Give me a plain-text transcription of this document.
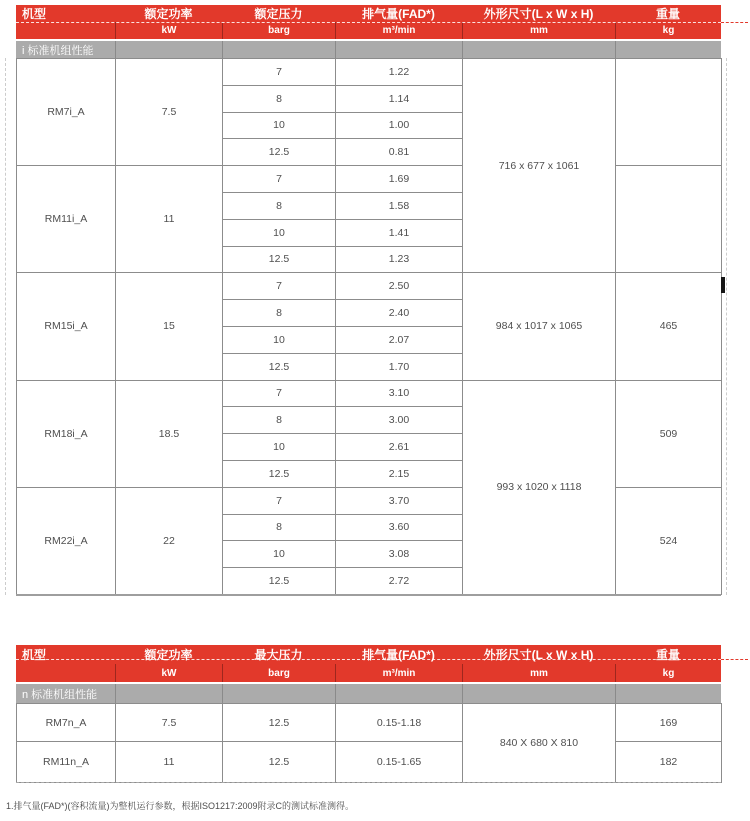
机型	额定功率	额定压力	排气量(FAD*)	外形尺寸(L x W x H)	重量
kW	barg	m³/min	mm	kg
i 标准机组性能
RM7i_A	7.5	7	1.22	716 x 677 x 1061	
		8	1.14		
		10	1.00		
		12.5	0.81		
RM11i_A	11	7	1.69		
		8	1.58		
		10	1.41		
		12.5	1.23		
RM15i_A	15	7	2.50	984 x 1017 x 1065	465
		8	2.40		
		10	2.07		
		12.5	1.70		
RM18i_A	18.5	7	3.10	993 x 1020 x 1118	509
		8	3.00		
		10	2.61		
		12.5	2.15		
RM22i_A	22	7	3.70		524
		8	3.60		
		10	3.08		
		12.5	2.72		
机型	额定功率	最大压力	排气量(FAD*)	外形尺寸(L x W x H)	重量
kW	barg	m³/min	mm	kg
n 标准机组性能
RM7n_A	7.5	12.5	0.15-1.18	840 X 680 X 810	169
RM11n_A	11	12.5	0.15-1.65		182
1.排气量(FAD*)(容积流量)为整机运行参数，根据ISO1217:2009附录C的测试标准测得。
